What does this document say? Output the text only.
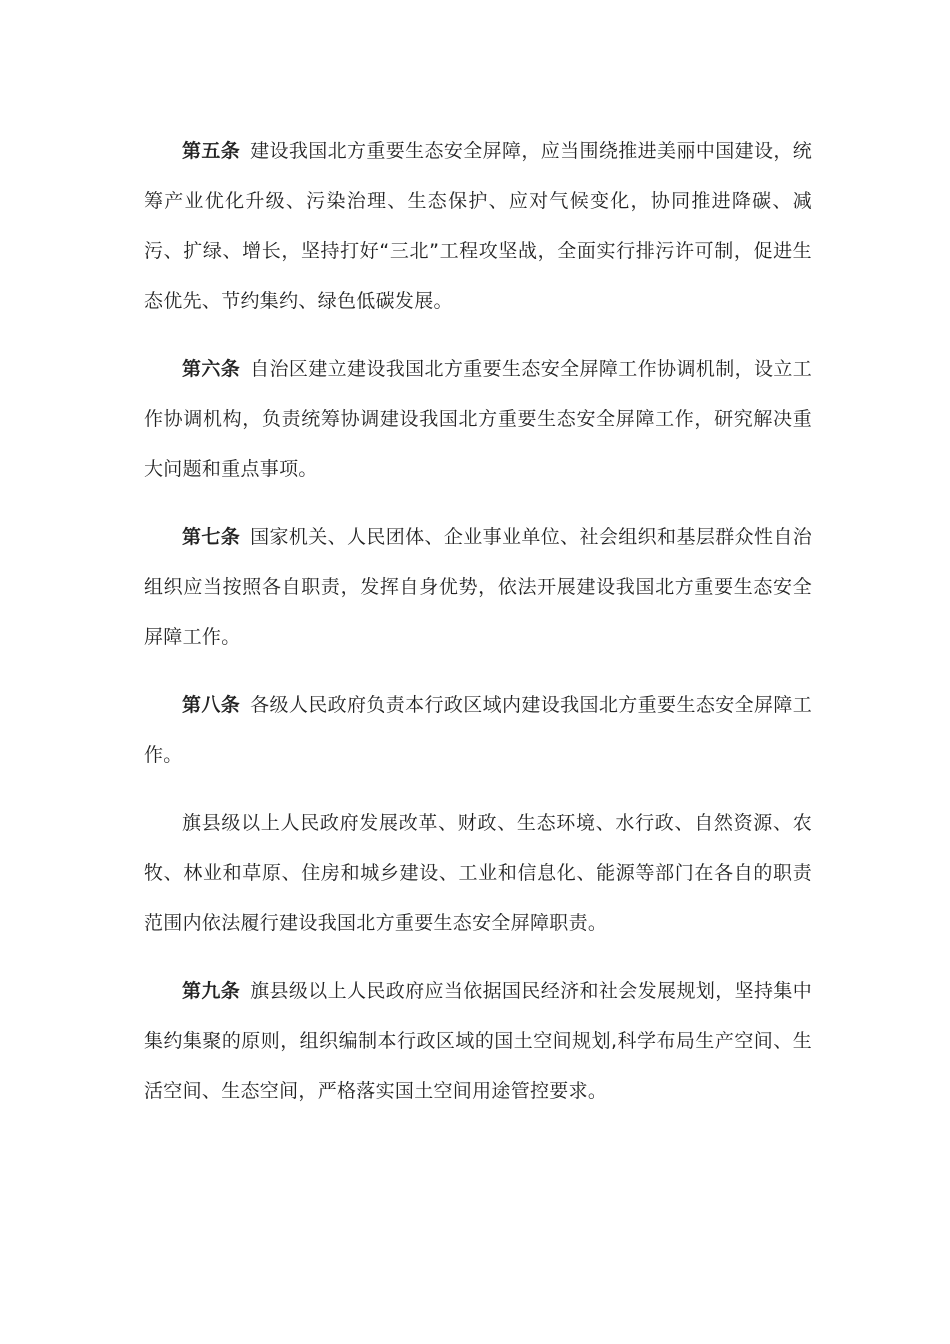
第五条 建设我国北方重要生态安全屏障，应当围绕推进美丽中国建设，统筹产业优化升级、污染治理、生态保护、应对气候变化，协同推进降碳、减污、扩绿、增长，坚持打好“三北”工程攻坚战，全面实行排污许可制，促进生态优先、节约集约、绿色低碳发展。

第六条 自治区建立建设我国北方重要生态安全屏障工作协调机制，设立工作协调机构，负责统筹协调建设我国北方重要生态安全屏障工作，研究解决重大问题和重点事项。

第七条 国家机关、人民团体、企业事业单位、社会组织和基层群众性自治组织应当按照各自职责，发挥自身优势，依法开展建设我国北方重要生态安全屏障工作。

第八条 各级人民政府负责本行政区域内建设我国北方重要生态安全屏障工作。

旗县级以上人民政府发展改革、财政、生态环境、水行政、自然资源、农牧、林业和草原、住房和城乡建设、工业和信息化、能源等部门在各自的职责范围内依法履行建设我国北方重要生态安全屏障职责。

第九条 旗县级以上人民政府应当依据国民经济和社会发展规划，坚持集中集约集聚的原则，组织编制本行政区域的国土空间规划,科学布局生产空间、生活空间、生态空间，严格落实国土空间用途管控要求。
